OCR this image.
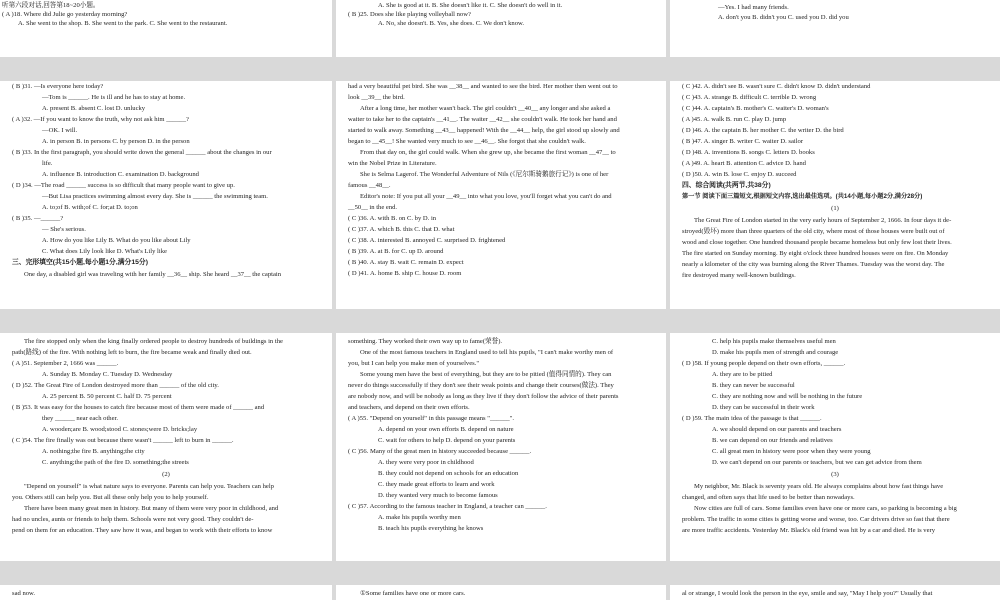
听第六段对话,回答第18~20小题。
( A )18. Where did Julie go yesterday morning?
A. She went to the shop. B. She went to the park. C. She went to the restaurant.
A. She is good at it. B. She doesn't like it. C. She doesn't do well in it.
( B )25. Does she like playing volleyball now?
A. No, she doesn't. B. Yes, she does. C. We don't know.
—Yes. I had many friends.
A. don't you B. didn't you C. used you D. did you
( B )31. —Is everyone here today?
—Tom is ______. He is ill and he has to stay at home.
A. present B. absent C. lost D. unlucky
( A )32. —If you want to know the truth, why not ask him ______?
—OK. I will.
A. in person B. in persons C. by person D. in the person
( B )33. In the first paragraph, you should write down the general ______ about the changes in our
life.
A. influence B. introduction C. examination D. background
( D )34. —The road ______ success is so difficult that many people want to give up.
—But Lisa practices swimming almost every day. She is ______ the swimming team.
A. to;of B. with;of C. for;at D. to;on
( B )35. —______?
— She's serious.
A. How do you like Lily B. What do you like about Lily
C. What does Lily look like D. What's Lily like
三、完形填空(共15小题,每小题1分,满分15分)
One day, a disabled girl was traveling with her family __36__ ship. She heard __37__ the captain
had a very beautiful pet bird. She was __38__ and wanted to see the bird. Her mother then went out to
look __39__ the bird.
After a long time, her mother wasn't back. The girl couldn't __40__ any longer and she asked a
waiter to take her to the captain's __41__. The waiter __42__ she couldn't walk. He took her hand and
started to walk away. Something __43__ happened! With the __44__ help, the girl stood up slowly and
began to __45__! She wanted very much to see __46__. She forgot that she couldn't walk.
From that day on, the girl could walk. When she grew up, she became the first woman __47__ to
win the Nobel Prize in Literature.
She is Selma Lagerof. The Wonderful Adventure of Nils (《尼尔斯骑鹅旅行记》) is one of her
famous __48__.
Editor's note: If you put all your __49__ into what you love, you'll forget what you can't do and
__50__ in the end.
( C )36. A. with B. on C. by D. in
( C )37. A. which B. this C. that D. what
( C )38. A. interested B. annoyed C. surprised D. frightened
( B )39. A. at B. for C. up D. around
( B )40. A. stay B. wait C. remain D. expect
( D )41. A. home B. ship C. house D. room
( C )42. A. didn't see B. wasn't sure C. didn't know D. didn't understand
( C )43. A. strange B. difficult C. terrible D. wrong
( C )44. A. captain's B. mother's C. waiter's D. woman's
( A )45. A. walk B. run C. play D. jump
( D )46. A. the captain B. her mother C. the writer D. the bird
( B )47. A. singer B. writer C. waiter D. sailor
( D )48. A. inventions B. songs C. letters D. books
( A )49. A. heart B. attention C. advice D. hand
( D )50. A. win B. lose C. enjoy D. succeed
四、综合阅读(共两节,共38分)
第一节 阅读下面三篇短文,根据短文内容,选出最佳选项。(共14小题,每小题2分,满分28分)
(1)
The Great Fire of London started in the very early hours of September 2, 1666. In four days it de-
stroyed(毁坏) more than three quarters of the old city, where most of those houses were built out of
wood and close together. One hundred thousand people became homeless but only few lost their lives.
The fire started on Sunday morning. By eight o'clock three hundred houses were on fire. On Monday
nearly a kilometer of the city was burning along the River Thames. Tuesday was the worst day. The
fire destroyed many well-known buildings.
The fire stopped only when the king finally ordered people to destroy hundreds of buildings in the
path(路线) of the fire. With nothing left to burn, the fire became weak and finally died out.
( A )51. September 2, 1666 was ______.
A. Sunday B. Monday C. Tuesday D. Wednesday
( D )52. The Great Fire of London destroyed more than ______ of the old city.
A. 25 percent B. 50 percent C. half D. 75 percent
( B )53. It was easy for the houses to catch fire because most of them were made of ______ and
they ______ near each other.
A. wooden;are B. wood;stood C. stones;were D. bricks;lay
( C )54. The fire finally was out because there wasn't ______ left to burn in ______.
A. nothing;the fire B. anything;the city
C. anything;the path of the fire D. something;the streets
(2)
"Depend on yourself" is what nature says to everyone. Parents can help you. Teachers can help
you. Others still can help you. But all these only help you to help yourself.
There have been many great men in history. But many of them were very poor in childhood, and
had no uncles, aunts or friends to help them. Schools were not very good. They couldn't de-
pend on them for an education. They saw how it was, and began to work with their efforts to know
something. They worked their own way up to fame(荣誉).
One of the most famous teachers in England used to tell his pupils, "I can't make worthy men of
you, but I can help you make men of yourselves."
Some young men have the best of everything, but they are to be pitied (值得同情的). They can
never do things successfully if they don't see their weak points and change their courses(做法). They
are nobody now, and will be nobody as long as they live if they don't follow the advice of their parents
and teachers, and depend on their own efforts.
( A )55. "Depend on yourself" in this passage means "______".
A. depend on your own efforts B. depend on nature
C. wait for others to help D. depend on your parents
( C )56. Many of the great men in history succeeded because ______.
A. they were very poor in childhood
B. they could not depend on schools for an education
C. they made great efforts to learn and work
D. they wanted very much to become famous
( C )57. According to the famous teacher in England, a teacher can ______.
A. make his pupils worthy men
B. teach his pupils everything he knows
C. help his pupils make themselves useful men
D. make his pupils men of strength and courage
( D )58. If young people depend on their own efforts, ______.
A. they are to be pitied
B. they can never be successful
C. they are nothing now and will be nothing in the future
D. they can be successful in their work
( D )59. The main idea of the passage is that ______.
A. we should depend on our parents and teachers
B. we can depend on our friends and relatives
C. all great men in history were poor when they were young
D. we can't depend on our parents or teachers, but we can get advice from them
(3)
My neighbor, Mr. Black is seventy years old. He always complains about how fast things have
changed, and often says that life used to be better than nowadays.
Now cities are full of cars. Some families even have one or more cars, so parking is becoming a big
problem. The traffic in some cities is getting worse and worse, too. Car drivers drive so fast that there
are more traffic accidents. Yesterday Mr. Black's old friend was hit by a car and died. He is very
sad now.	①Some families have one or more cars.	al or strange, I would look the person in the eye, smile and say, "May I help you?" Usually that
